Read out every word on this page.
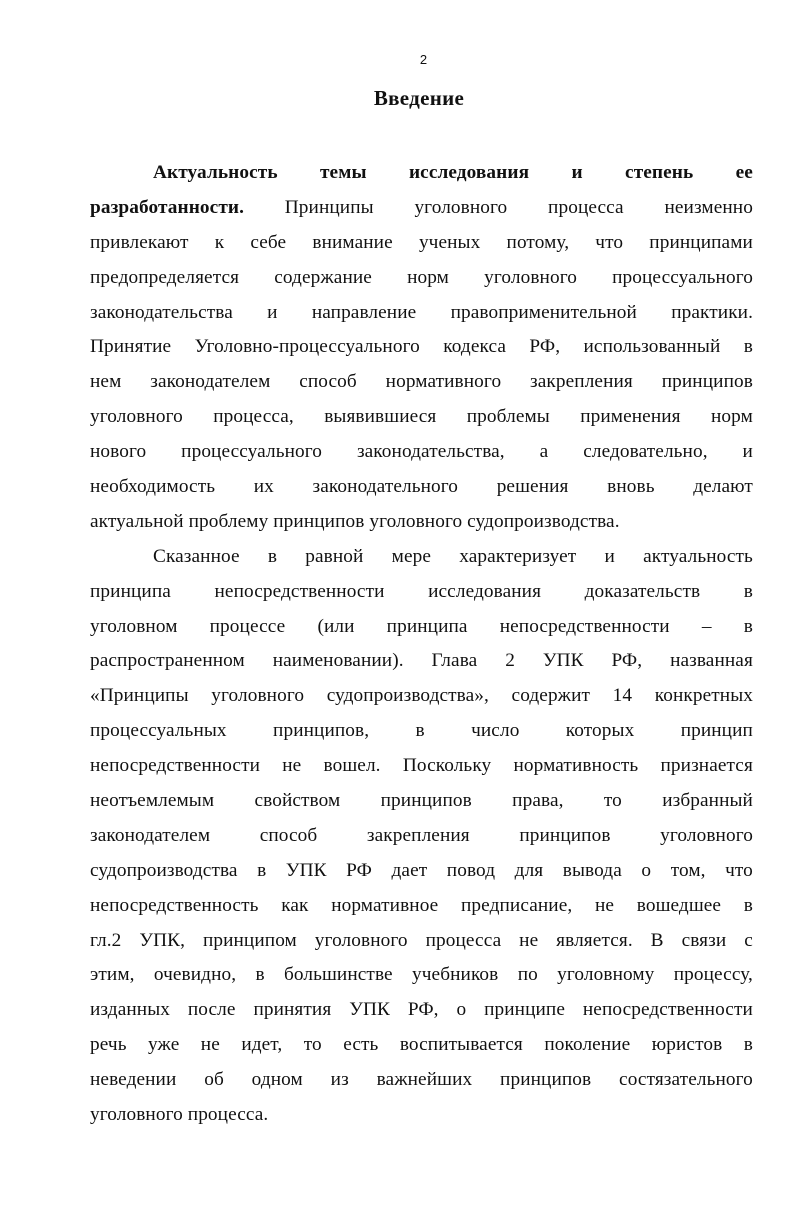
2
Введение
Актуальность темы исследования и степень ее
разработанности. Принципы уголовного процесса неизменно
привлекают к себе внимание ученых потому, что принципами
предопределяется содержание норм уголовного процессуального
законодательства и направление правоприменительной практики.
Принятие Уголовно-процессуального кодекса РФ, использованный в
нем законодателем способ нормативного закрепления принципов
уголовного процесса, выявившиеся проблемы применения норм
нового процессуального законодательства, а следовательно, и
необходимость их законодательного решения вновь делают
актуальной проблему принципов уголовного судопроизводства.
Сказанное в равной мере характеризует и актуальность
принципа непосредственности исследования доказательств в
уголовном процессе (или принципа непосредственности – в
распространенном наименовании). Глава 2 УПК РФ, названная
«Принципы уголовного судопроизводства», содержит 14 конкретных
процессуальных принципов, в число которых принцип
непосредственности не вошел. Поскольку нормативность признается
неотъемлемым свойством принципов права, то избранный
законодателем	способ	закрепления	принципов	уголовного
судопроизводства в УПК РФ дает повод для вывода о том, что
непосредственность как нормативное предписание, не вошедшее в
гл.2 УПК, принципом уголовного процесса не является. В связи с
этим, очевидно, в большинстве учебников по уголовному процессу,
изданных после принятия УПК РФ, о принципе непосредственности
речь уже не идет, то есть воспитывается поколение юристов в
неведении об одном из важнейших принципов состязательного
уголовного процесса.
